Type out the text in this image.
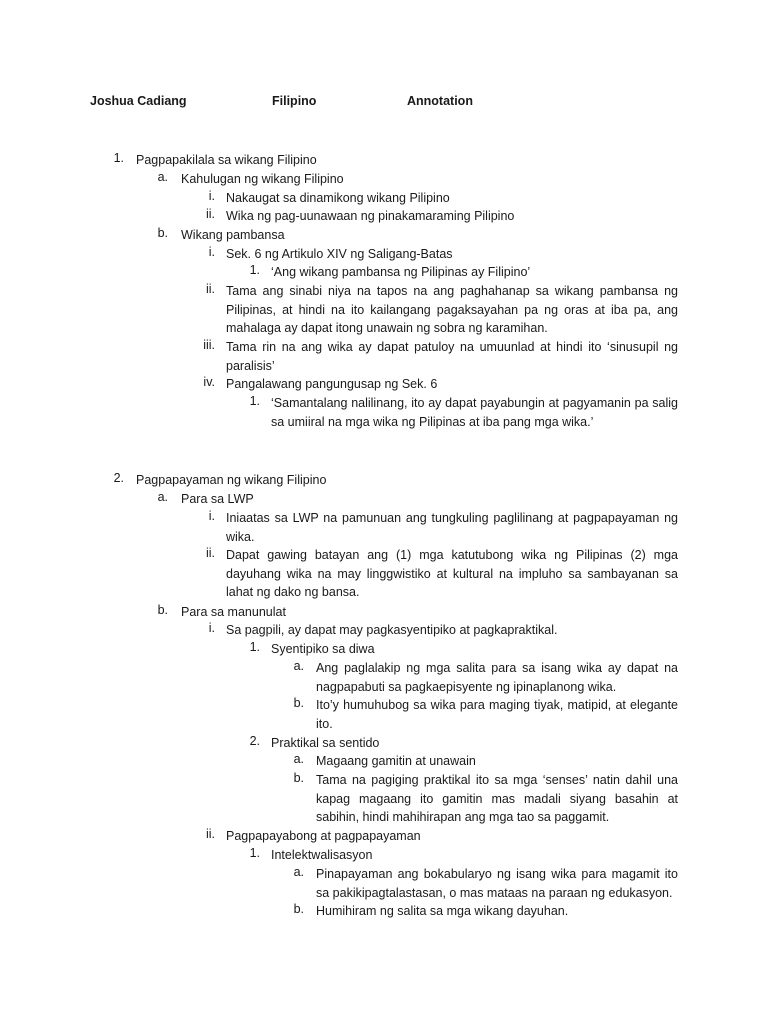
Joshua Cadiang	Filipino	Annotation
1. Pagpapakilala sa wikang Filipino
a. Kahulugan ng wikang Filipino
i. Nakaugat sa dinamikong wikang Pilipino
ii. Wika ng pag-uunawaan ng pinakamaraming Pilipino
b. Wikang pambansa
i. Sek. 6 ng Artikulo XIV ng Saligang-Batas
1. ‘Ang wikang pambansa ng Pilipinas ay Filipino’
ii. Tama ang sinabi niya na tapos na ang paghahanap sa wikang pambansa ng Pilipinas, at hindi na ito kailangang pagaksayahan pa ng oras at iba pa, ang mahalaga ay dapat itong unawain ng sobra ng karamihan.
iii. Tama rin na ang wika ay dapat patuloy na umuunlad at hindi ito ‘sinusupil ng paralisis’
iv. Pangalawang pangungusap ng Sek. 6
1. ‘Samantalang nalilinang, ito ay dapat payabungin at pagyamanin pa salig sa umiiral na mga wika ng Pilipinas at iba pang mga wika.’
2. Pagpapayaman ng wikang Filipino
a. Para sa LWP
i. Iniaatas sa LWP na pamunuan ang tungkuling paglilinang at pagpapayaman ng wika.
ii. Dapat gawing batayan ang (1) mga katutubong wika ng Pilipinas (2) mga dayuhang wika na may linggwistiko at kultural na impluho sa sambayanan sa lahat ng dako ng bansa.
b. Para sa manunulat
i. Sa pagpili, ay dapat may pagkasyentipiko at pagkapraktikal.
1. Syentipiko sa diwa
a. Ang paglalakip ng mga salita para sa isang wika ay dapat na nagpapabuti sa pagkaepisyente ng ipinaplanong wika.
b. Ito’y humuhubog sa wika para maging tiyak, matipid, at elegante ito.
2. Praktikal sa sentido
a. Magaang gamitin at unawain
b. Tama na pagiging praktikal ito sa mga ‘senses’ natin dahil una kapag magaang ito gamitin mas madali siyang basahin at sabihin, hindi mahihirapan ang mga tao sa paggamit.
ii. Pagpapayabong at pagpapayaman
1. Intelektwalisasyon
a. Pinapayaman ang bokabularyo ng isang wika para magamit ito sa pakikipagtalastasan, o mas mataas na paraan ng edukasyon.
b. Humihiram ng salita sa mga wikang dayuhan.
